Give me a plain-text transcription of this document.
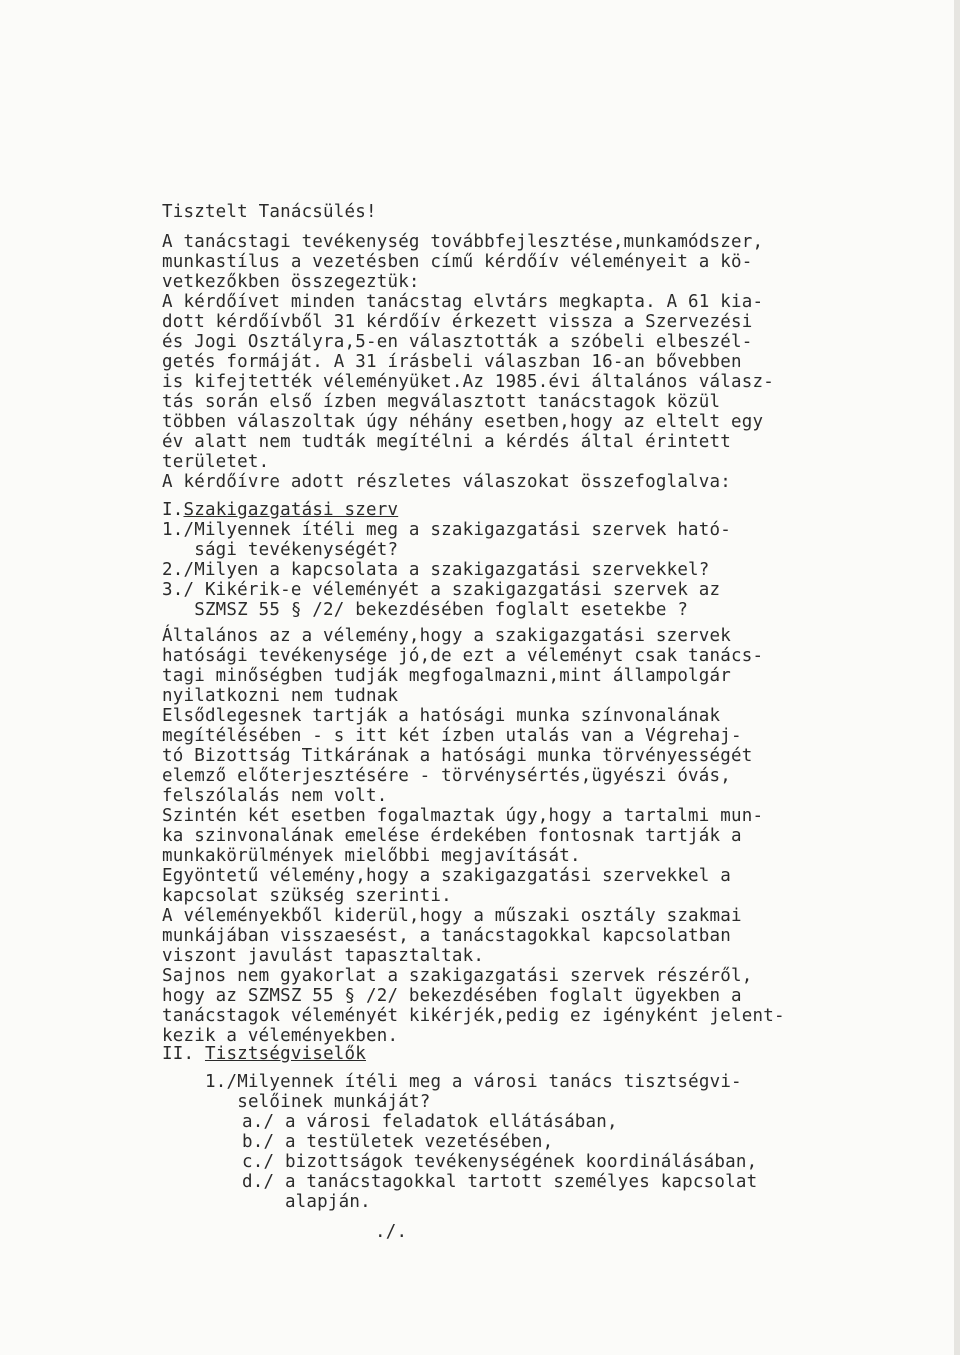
Tisztelt Tanácsülés!
A tanácstagi tevékenység továbbfejlesztése,munkamódszer,
munkastílus a vezetésben című kérdőív véleményeit a kö-
vetkezőkben összegeztük:
A kérdőívet minden tanácstag elvtárs megkapta. A 61 kia-
dott kérdőívből 31 kérdőív érkezett vissza a Szervezési
és Jogi Osztályra,5-en választották a szóbeli elbeszél-
getés formáját. A 31 írásbeli válaszban 16-an bővebben
is kifejtették véleményüket.Az 1985.évi általános válasz-
tás során első ízben megválasztott tanácstagok közül
többen válaszoltak úgy néhány esetben,hogy az eltelt egy
év alatt nem tudták megítélni a kérdés által érintett
területet.
A kérdőívre adott részletes válaszokat összefoglalva:
I.Szakigazgatási szerv
1./Milyennek ítéli meg a szakigazgatási szervek ható-
sági tevékenységét?
2./Milyen a kapcsolata a szakigazgatási szervekkel?
3./ Kikérik-e véleményét a szakigazgatási szervek az
SZMSZ 55 § /2/ bekezdésében foglalt esetekbe ?
Általános az a vélemény,hogy a szakigazgatási szervek
hatósági tevékenysége jó,de ezt a véleményt csak tanács-
tagi minőségben tudják megfogalmazni,mint állampolgár
nyilatkozni nem tudnak
Elsődlegesnek tartják a hatósági munka színvonalának
megítélésében - s itt két ízben utalás van a Végrehaj-
tó Bizottság Titkárának a hatósági munka törvényességét
elemző előterjesztésére - törvénysértés,ügyészi óvás,
felszólalás nem volt.
Szintén két esetben fogalmaztak úgy,hogy a tartalmi mun-
ka szinvonalának emelése érdekében fontosnak tartják a
munkakörülmények mielőbbi megjavítását.
Egyöntetű vélemény,hogy a szakigazgatási szervekkel a
kapcsolat szükség szerinti.
A véleményekből kiderül,hogy a műszaki osztály szakmai
munkájában visszaesést, a tanácstagokkal kapcsolatban
viszont javulást tapasztaltak.
Sajnos nem gyakorlat a szakigazgatási szervek részéről,
hogy az SZMSZ 55 § /2/ bekezdésében foglalt ügyekben a
tanácstagok véleményét kikérjék,pedig ez igényként jelent-
kezik a véleményekben.
II. Tisztségviselők
1./Milyennek ítéli meg a városi tanács tisztségvi-
selőinek munkáját?
a./ a városi feladatok ellátásában,
b./ a testületek vezetésében,
c./ bizottságok tevékenységének koordinálásában,
d./ a tanácstagokkal tartott személyes kapcsolat
alapján.
./.
